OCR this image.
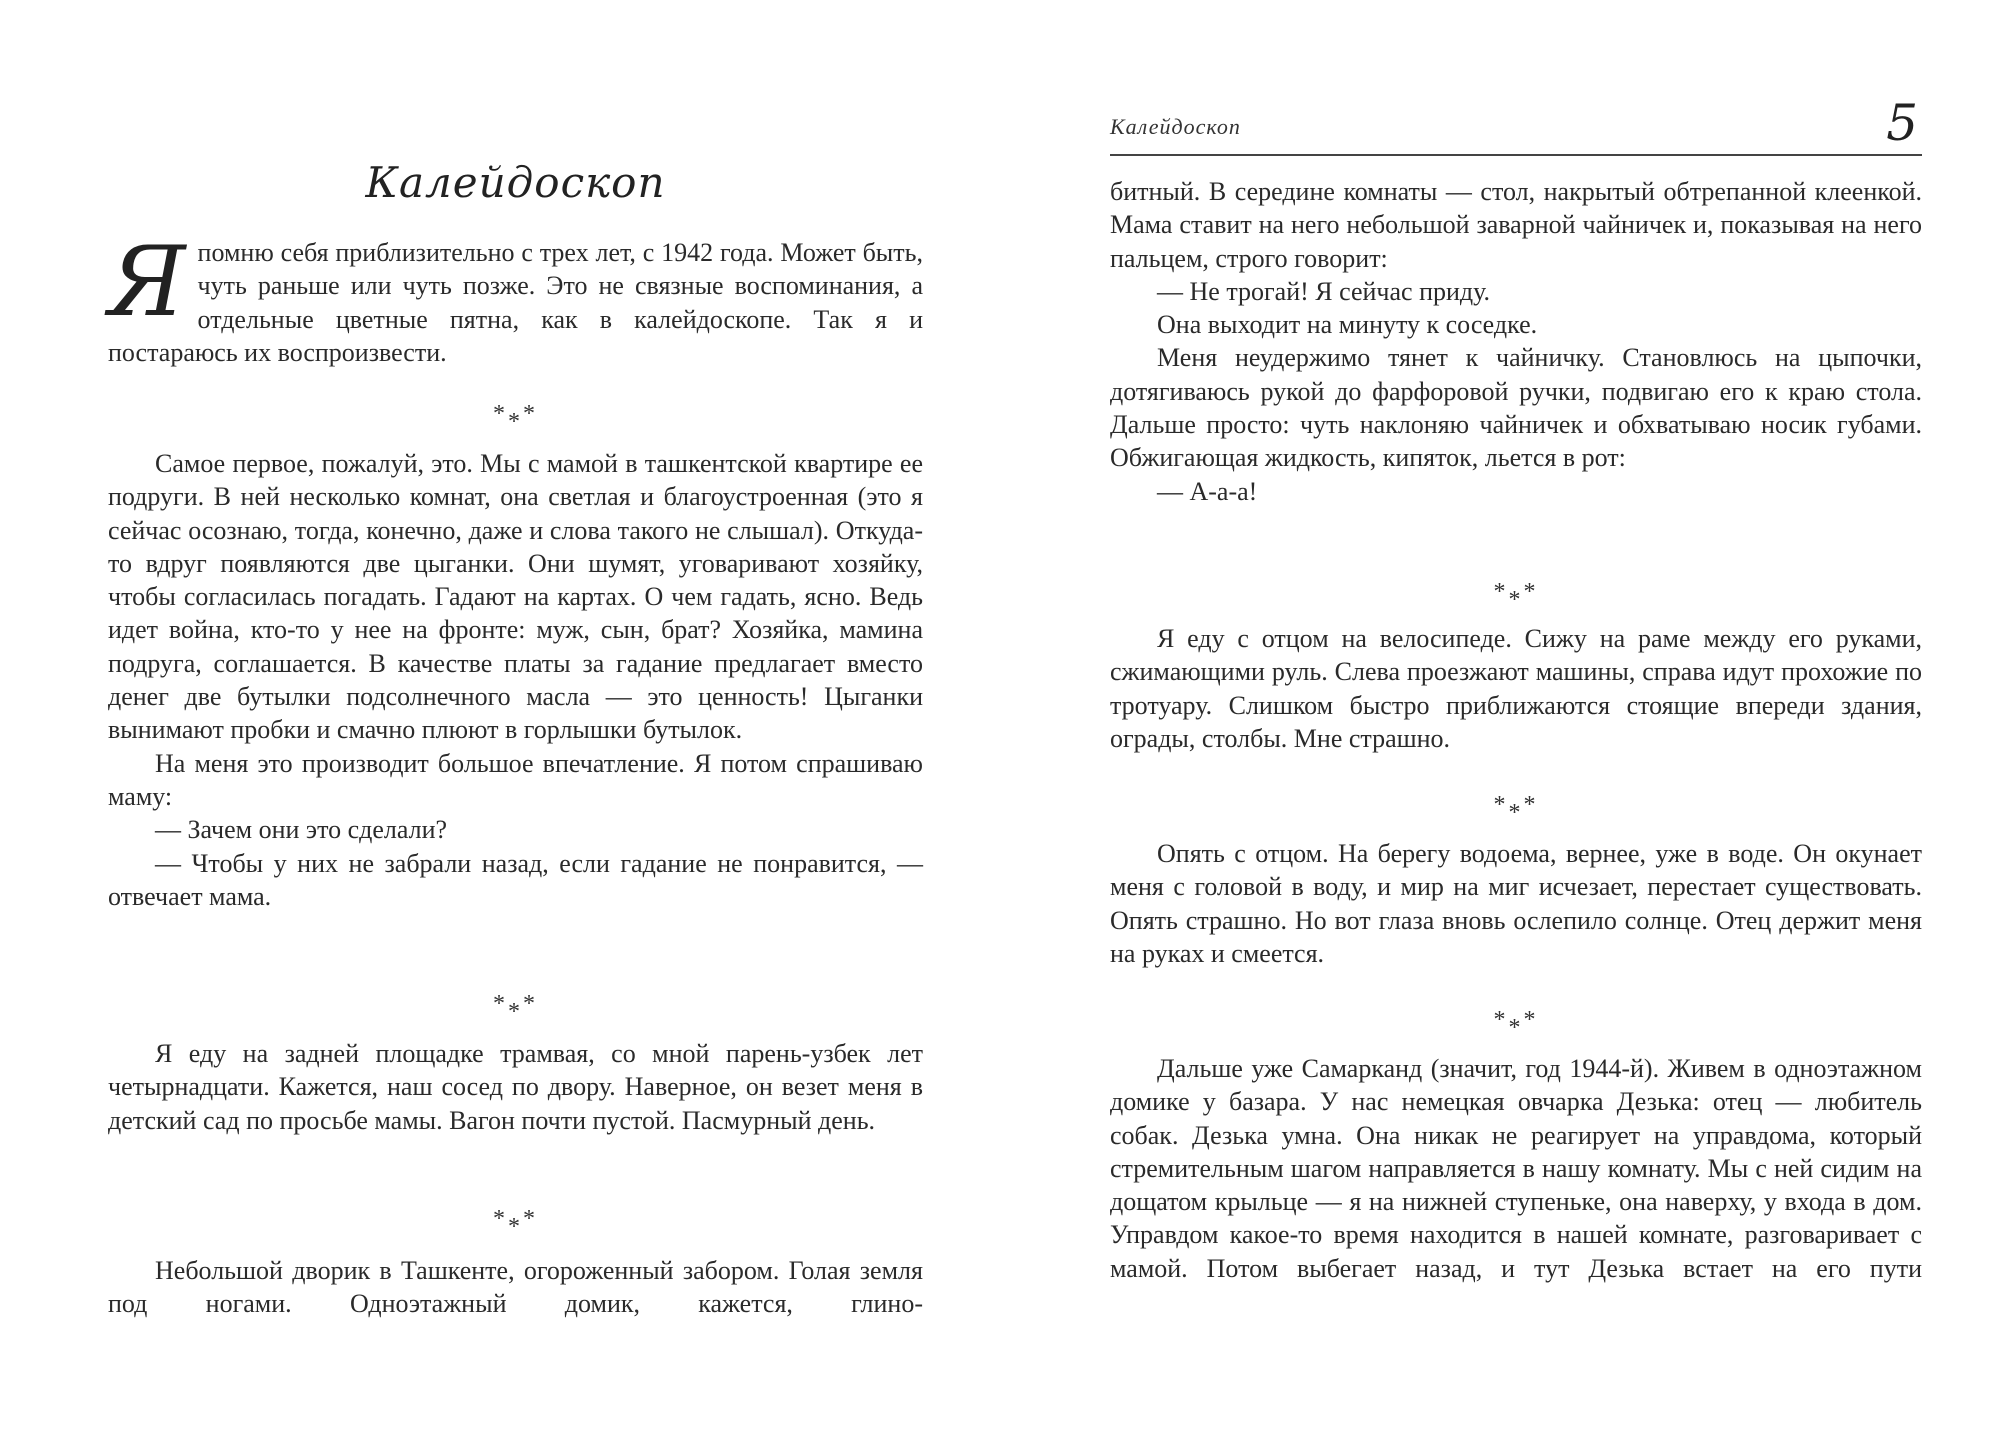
Калейдоскоп
Я помню себя приблизительно с трех лет, с 1942 года. Может быть, чуть раньше или чуть позже. Это не связные воспоминания, а отдельные цветные пятна, как в калейдоскопе. Так я и постараюсь их воспроизвести.

***

Самое первое, пожалуй, это. Мы с мамой в ташкентской квартире ее подруги. В ней несколько комнат, она светлая и благоустроенная (это я сейчас осознаю, тогда, конечно, даже и слова такого не слышал). Откуда-то вдруг появляются две цыганки. Они шумят, уговаривают хозяйку, чтобы согласилась погадать. Гадают на картах. О чем гадать, ясно. Ведь идет война, кто-то у нее на фронте: муж, сын, брат? Хозяйка, мамина подруга, соглашается. В качестве платы за гадание предлагает вместо денег две бутылки подсолнечного масла — это ценность! Цыганки вынимают пробки и смачно плюют в горлышки бутылок.

На меня это производит большое впечатление. Я потом спрашиваю маму:

— Зачем они это сделали?

— Чтобы у них не забрали назад, если гадание не понравится, — отвечает мама.

***

Я еду на задней площадке трамвая, со мной парень-узбек лет четырнадцати. Кажется, наш сосед по двору. Наверное, он везет меня в детский сад по просьбе мамы. Вагон почти пустой. Пасмурный день.

***

Небольшой дворик в Ташкенте, огороженный забором. Голая земля под ногами. Одноэтажный домик, кажется, глино-

Калейдоскоп	5

битный. В середине комнаты — стол, накрытый обтрепанной клеенкой. Мама ставит на него небольшой заварной чайничек и, показывая на него пальцем, строго говорит:

— Не трогай! Я сейчас приду.

Она выходит на минуту к соседке.

Меня неудержимо тянет к чайничку. Становлюсь на цыпочки, дотягиваюсь рукой до фарфоровой ручки, подвигаю его к краю стола. Дальше просто: чуть наклоняю чайничек и обхватываю носик губами. Обжигающая жидкость, кипяток, льется в рот:

— А-а-а!

***

Я еду с отцом на велосипеде. Сижу на раме между его руками, сжимающими руль. Слева проезжают машины, справа идут прохожие по тротуару. Слишком быстро приближаются стоящие впереди здания, ограды, столбы. Мне страшно.

***

Опять с отцом. На берегу водоема, вернее, уже в воде. Он окунает меня с головой в воду, и мир на миг исчезает, перестает существовать. Опять страшно. Но вот глаза вновь ослепило солнце. Отец держит меня на руках и смеется.

***

Дальше уже Самарканд (значит, год 1944-й). Живем в одноэтажном домике у базара. У нас немецкая овчарка Дезька: отец — любитель собак. Дезька умна. Она никак не реагирует на управдома, который стремительным шагом направляется в нашу комнату. Мы с ней сидим на дощатом крыльце — я на нижней ступеньке, она наверху, у входа в дом. Управдом какое-то время находится в нашей комнате, разговаривает с мамой. Потом выбегает назад, и тут Дезька встает на его пути
